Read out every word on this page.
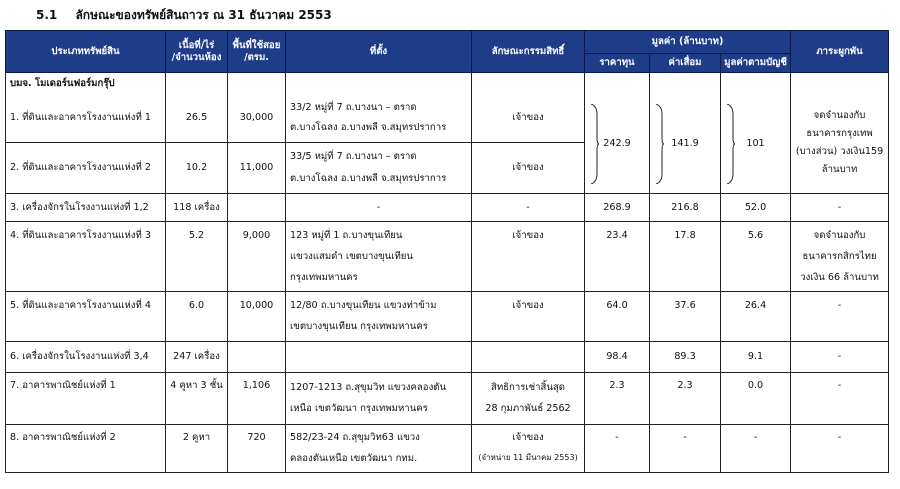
5.1 ลักษณะของทรัพย์สินถาวร ณ 31 ธันวาคม 2553
ประเภททรัพย์สิน	เนื้อที่/ไร่
/จำนวนห้อง	พื้นที่ใช้สอย
/ตรม.	ที่ตั้ง	ลักษณะกรรมสิทธิ์	มูลค่า (ล้านบาท)			ภาระผูกพัน
					ราคาทุน	ค่าเสื่อม	มูลค่าตามบัญชี	
บมจ. โมเดอร์นฟอร์มกรุ๊ป								
1. ที่ดินและอาคารโรงงานแห่งที่ 1	26.5	30,000	33/2 หมู่ที่ 7 ถ.บางนา – ตราด
ต.บางโฉลง อ.บางพลี จ.สมุทรปราการ	เจ้าของ	242.9	141.9	101	จดจำนองกับ
ธนาคารกรุงเทพ
(บางส่วน) วงเงิน159
ล้านบาท
2. ที่ดินและอาคารโรงงานแห่งที่ 2	10.2	11,000	33/5 หมู่ที่ 7 ถ.บางนา – ตราด
ต.บางโฉลง อ.บางพลี จ.สมุทรปราการ	เจ้าของ				
3. เครื่องจักรในโรงงานแห่งที่ 1,2	118 เครื่อง		-	-	268.9	216.8	52.0	-
4. ที่ดินและอาคารโรงงานแห่งที่ 3	5.2	9,000	123 หมู่ที่ 1 ถ.บางขุนเทียน
แขวงแสมดำ เขตบางขุนเทียน
กรุงเทพมหานคร	เจ้าของ	23.4	17.8	5.6	จดจำนองกับ
ธนาคารกสิกรไทย
วงเงิน 66 ล้านบาท
5. ที่ดินและอาคารโรงงานแห่งที่ 4	6.0	10,000	12/80 ถ.บางขุนเทียน แขวงท่าข้าม
เขตบางขุนเทียน กรุงเทพมหานคร	เจ้าของ	64.0	37.6	26.4	-
6. เครื่องจักรในโรงงานแห่งที่ 3,4	247 เครื่อง				98.4	89.3	9.1	-
7. อาคารพาณิชย์แห่งที่ 1	4 คูหา 3 ชั้น	1,106	1207-1213 ถ.สุขุมวิท แขวงคลองตัน
เหนือ เขตวัฒนา กรุงเทพมหานคร	สิทธิการเช่าสิ้นสุด
28 กุมภาพันธ์ 2562	2.3	2.3	0.0	-
8. อาคารพาณิชย์แห่งที่ 2	2 คูหา	720	582/23-24 ถ.สุขุมวิท63 แขวง
คลองตันเหนือ เขตวัฒนา กทม.	เจ้าของ
(จำหน่าย 11 มีนาคม 2553)	-	-	-	-
